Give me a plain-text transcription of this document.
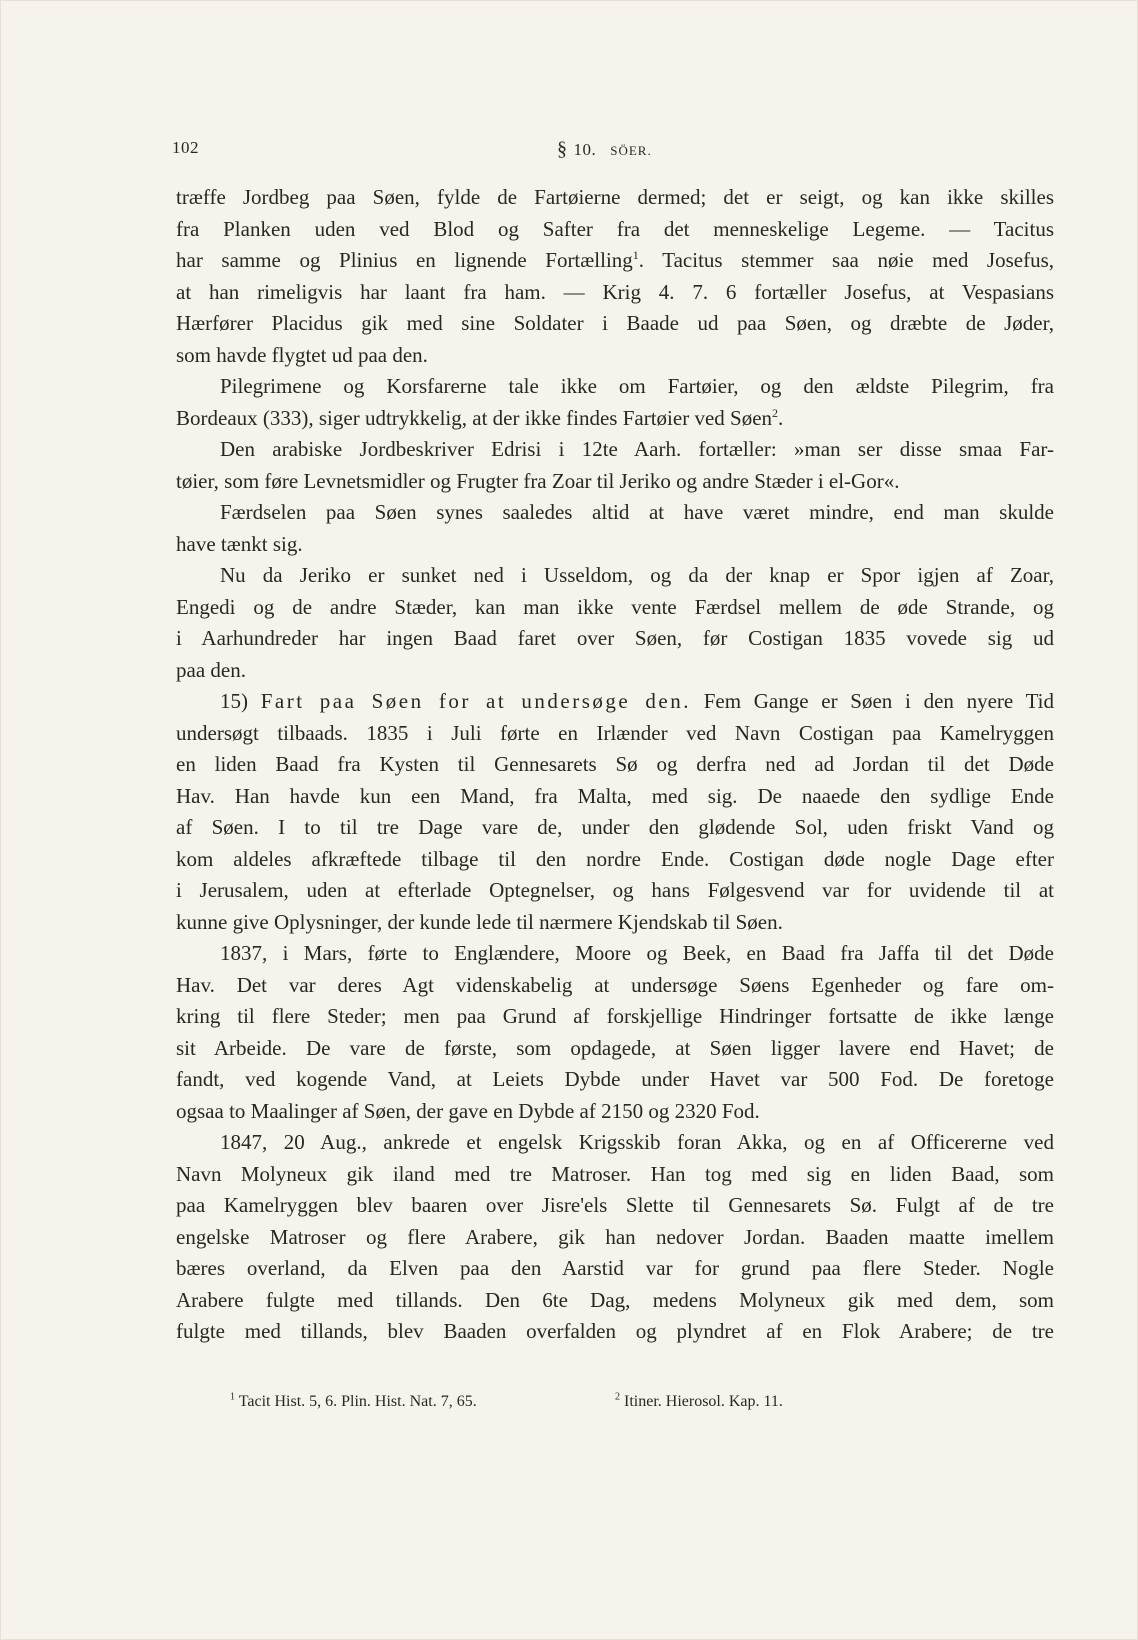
102	§ 10. SÖER.
træffe Jordbeg paa Søen, fylde de Fartøierne dermed; det er seigt, og kan ikke skilles
fra Planken uden ved Blod og Safter fra det menneskelige Legeme. — Tacitus
har samme og Plinius en lignende Fortælling$^1$. Tacitus stemmer saa nøie med Josefus,
at han rimeligvis har laant fra ham. — Krig 4. 7. 6 fortæller Josefus, at Vespasians
Hærfører Placidus gik med sine Soldater i Baade ud paa Søen, og dræbte de Jøder,
som havde flygtet ud paa den.
Pilegrimene og Korsfarerne tale ikke om Fartøier, og den ældste Pilegrim, fra
Bordeaux (333), siger udtrykkelig, at der ikke findes Fartøier ved Søen$^2$.
Den arabiske Jordbeskriver Edrisi i 12te Aarh. fortæller: »man ser disse smaa Far-
tøier, som føre Levnetsmidler og Frugter fra Zoar til Jeriko og andre Stæder i el-Gor«.
Færdselen paa Søen synes saaledes altid at have været mindre, end man skulde
have tænkt sig.
Nu da Jeriko er sunket ned i Usseldom, og da der knap er Spor igjen af Zoar,
Engedi og de andre Stæder, kan man ikke vente Færdsel mellem de øde Strande, og
i Aarhundreder har ingen Baad faret over Søen, før Costigan 1835 vovede sig ud
paa den.
15) Fart paa Søen for at undersøge den. Fem Gange er Søen i den nyere Tid
undersøgt tilbaads. 1835 i Juli førte en Irlænder ved Navn Costigan paa Kamelryggen
en liden Baad fra Kysten til Gennesarets Sø og derfra ned ad Jordan til det Døde
Hav. Han havde kun een Mand, fra Malta, med sig. De naaede den sydlige Ende
af Søen. I to til tre Dage vare de, under den glødende Sol, uden friskt Vand og
kom aldeles afkræftede tilbage til den nordre Ende. Costigan døde nogle Dage efter
i Jerusalem, uden at efterlade Optegnelser, og hans Følgesvend var for uvidende til at
kunne give Oplysninger, der kunde lede til nærmere Kjendskab til Søen.
1837, i Mars, førte to Englændere, Moore og Beek, en Baad fra Jaffa til det Døde
Hav. Det var deres Agt videnskabelig at undersøge Søens Egenheder og fare om-
kring til flere Steder; men paa Grund af forskjellige Hindringer fortsatte de ikke længe
sit Arbeide. De vare de første, som opdagede, at Søen ligger lavere end Havet; de
fandt, ved kogende Vand, at Leiets Dybde under Havet var 500 Fod. De foretoge
ogsaa to Maalinger af Søen, der gave en Dybde af 2150 og 2320 Fod.
1847, 20 Aug., ankrede et engelsk Krigsskib foran Akka, og en af Officererne ved
Navn Molyneux gik iland med tre Matroser. Han tog med sig en liden Baad, som
paa Kamelryggen blev baaren over Jisre'els Slette til Gennesarets Sø. Fulgt af de tre
engelske Matroser og flere Arabere, gik han nedover Jordan. Baaden maatte imellem
bæres overland, da Elven paa den Aarstid var for grund paa flere Steder. Nogle
Arabere fulgte med tillands. Den 6te Dag, medens Molyneux gik med dem, som
fulgte med tillands, blev Baaden overfalden og plyndret af en Flok Arabere; de tre
$^1$ Tacit Hist. 5, 6. Plin. Hist. Nat. 7, 65.	$^2$ Itiner. Hierosol. Kap. 11.
